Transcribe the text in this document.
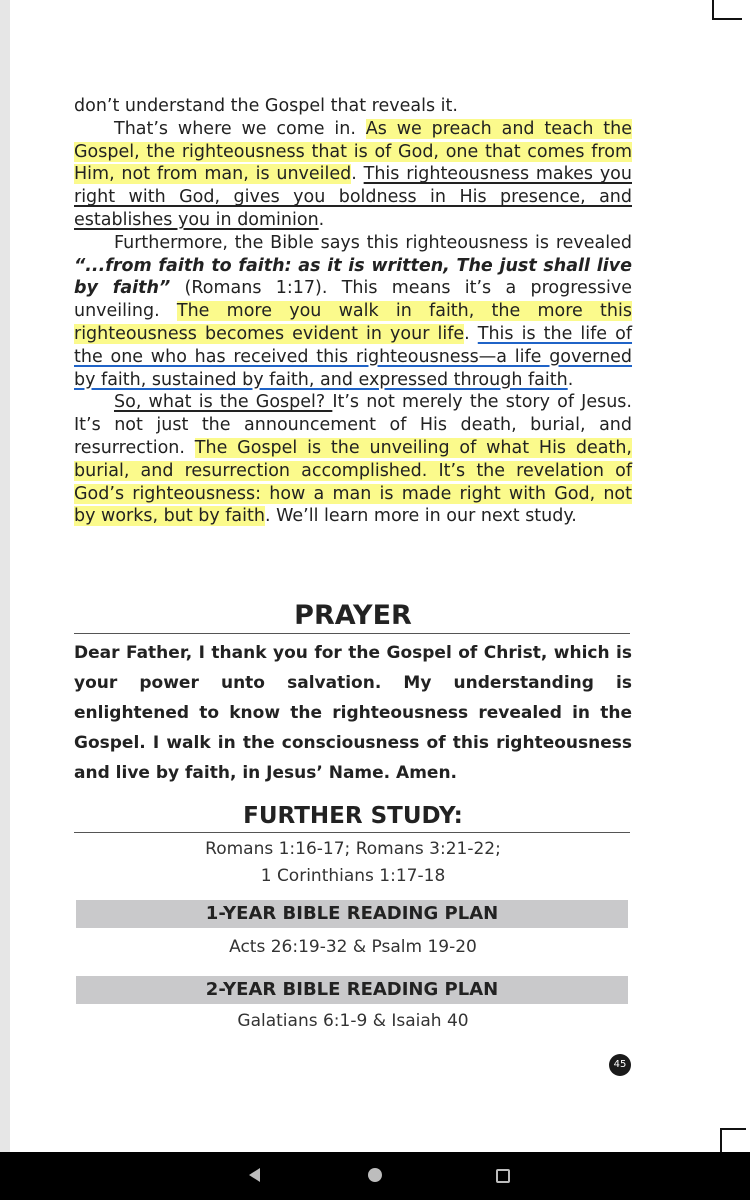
don’t understand the Gospel that reveals it.

That’s where we come in. As we preach and teach the Gospel, the righteousness that is of God, one that comes from Him, not from man, is unveiled. This righteousness makes you right with God, gives you boldness in His presence, and establishes you in dominion.

Furthermore, the Bible says this righteousness is revealed “...from faith to faith: as it is written, The just shall live by faith” (Romans 1:17). This means it’s a progressive unveiling. The more you walk in faith, the more this righteousness becomes evident in your life. This is the life of the one who has received this righteousness—a life governed by faith, sustained by faith, and expressed through faith.

So, what is the Gospel? It’s not merely the story of Jesus. It’s not just the announcement of His death, burial, and resurrection. The Gospel is the unveiling of what His death, burial, and resurrection accomplished. It’s the revelation of God’s righteousness: how a man is made right with God, not by works, but by faith. We’ll learn more in our next study.

PRAYER

Dear Father, I thank you for the Gospel of Christ, which is your power unto salvation. My understanding is enlightened to know the righteousness revealed in the Gospel. I walk in the consciousness of this righteousness and live by faith, in Jesus’ Name. Amen.

FURTHER STUDY:

Romans 1:16-17; Romans 3:21-22;

1 Corinthians 1:17-18

1-YEAR BIBLE READING PLAN

Acts 26:19-32 & Psalm 19-20

2-YEAR BIBLE READING PLAN

Galatians 6:1-9 & Isaiah 40

45
